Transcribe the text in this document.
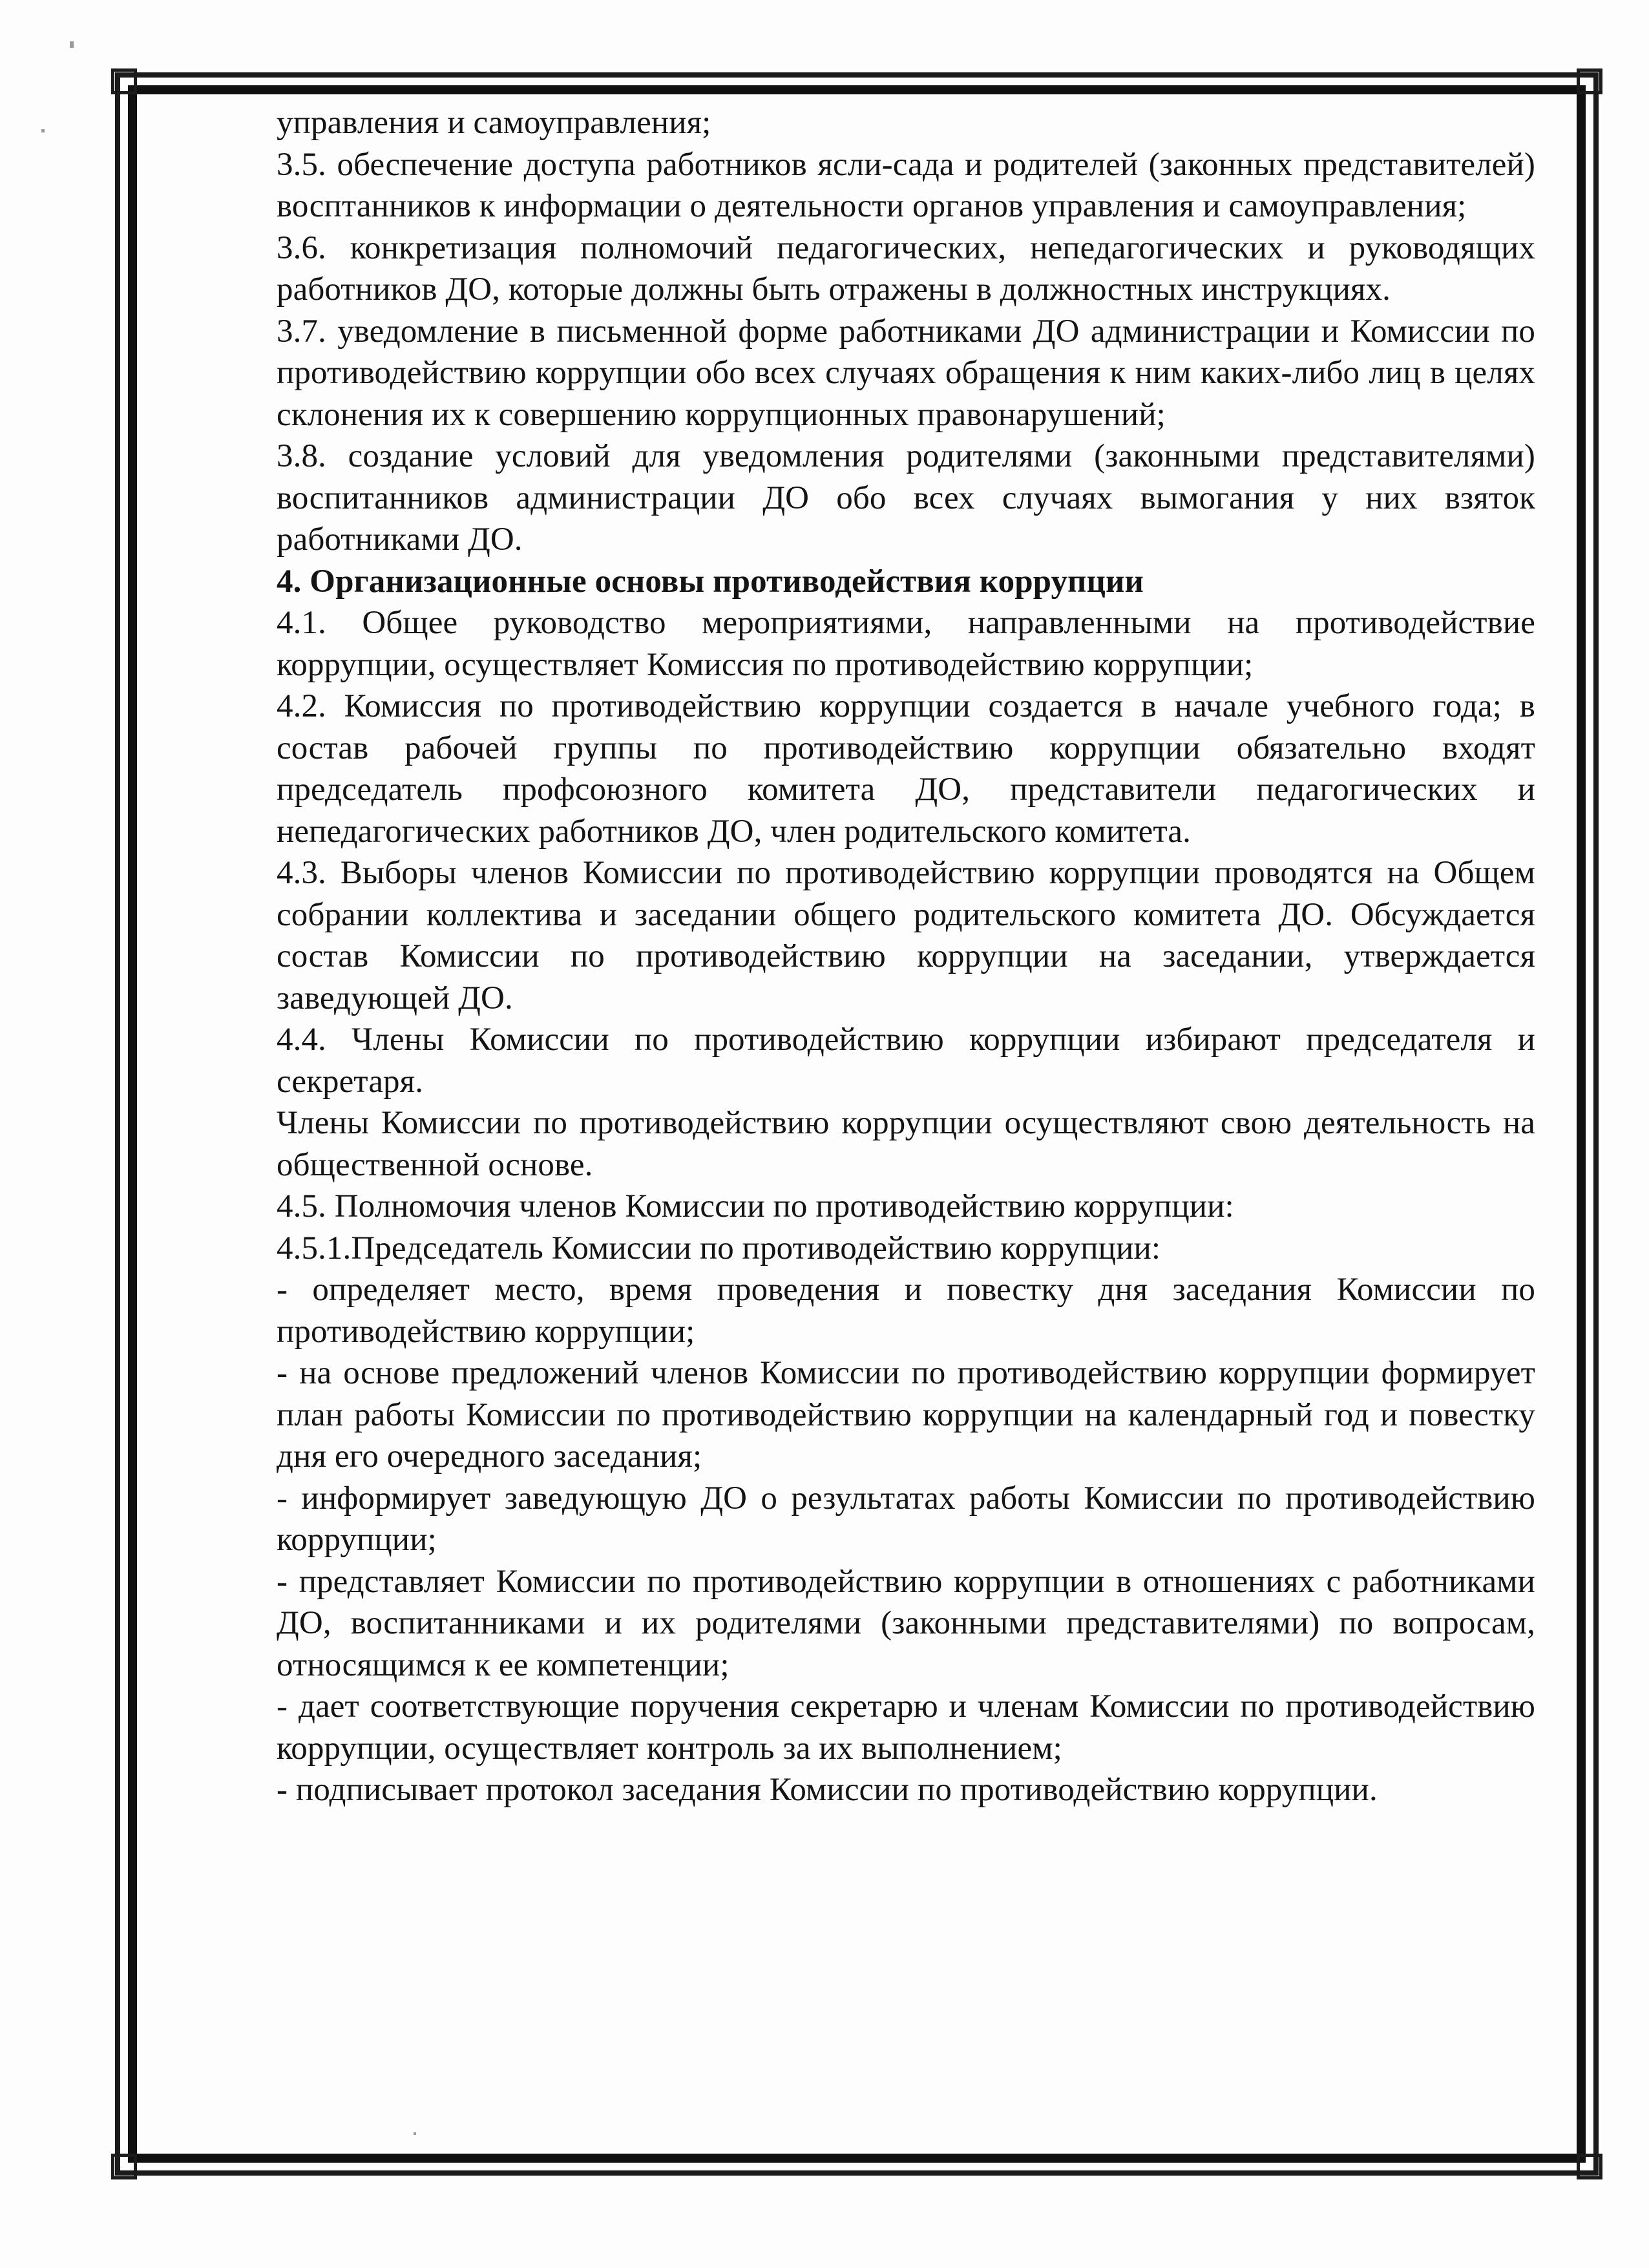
управления и самоуправления;

3.5. обеспечение доступа работников ясли-сада и родителей (законных представителей) восптанников к информации о деятельности органов управления и самоуправления;

3.6. конкретизация полномочий педагогических, непедагогических и руководящих работников ДО, которые должны быть отражены в должностных инструкциях.

3.7. уведомление в письменной форме работниками ДО администрации и Комиссии по противодействию коррупции обо всех случаях обращения к ним каких-либо лиц в целях склонения их к совершению коррупционных правонарушений;

3.8. создание условий для уведомления родителями (законными представителями) воспитанников администрации ДО обо всех случаях вымогания у них взяток работниками ДО.

4. Организационные основы противодействия коррупции

4.1. Общее руководство мероприятиями, направленными на противодействие коррупции, осуществляет Комиссия по противодействию коррупции;

4.2. Комиссия по противодействию коррупции создается в начале учебного года; в состав рабочей группы по противодействию коррупции обязательно входят председатель профсоюзного комитета ДО, представители педагогических и непедагогических работников ДО, член родительского комитета.

4.3. Выборы членов Комиссии по противодействию коррупции проводятся на Общем собрании коллектива и заседании общего родительского комитета ДО. Обсуждается состав Комиссии по противодействию коррупции на заседании, утверждается заведующей ДО.

4.4. Члены Комиссии по противодействию коррупции избирают председателя и секретаря.

Члены Комиссии по противодействию коррупции осуществляют свою деятельность на общественной основе.

4.5. Полномочия членов Комиссии по противодействию коррупции:

4.5.1.Председатель Комиссии по противодействию коррупции:

- определяет место, время проведения и повестку дня заседания Комиссии по противодействию коррупции;

- на основе предложений членов Комиссии по противодействию коррупции формирует план работы Комиссии по противодействию коррупции на календарный год и повестку дня его очередного заседания;

- информирует заведующую ДО о результатах работы Комиссии по противодействию коррупции;

- представляет Комиссии по противодействию коррупции в отношениях с работниками ДО, воспитанниками и их родителями (законными представителями) по вопросам, относящимся к ее компетенции;

- дает соответствующие поручения секретарю и членам Комиссии по противодействию коррупции, осуществляет контроль за их выполнением;

- подписывает протокол заседания Комиссии по противодействию коррупции.
